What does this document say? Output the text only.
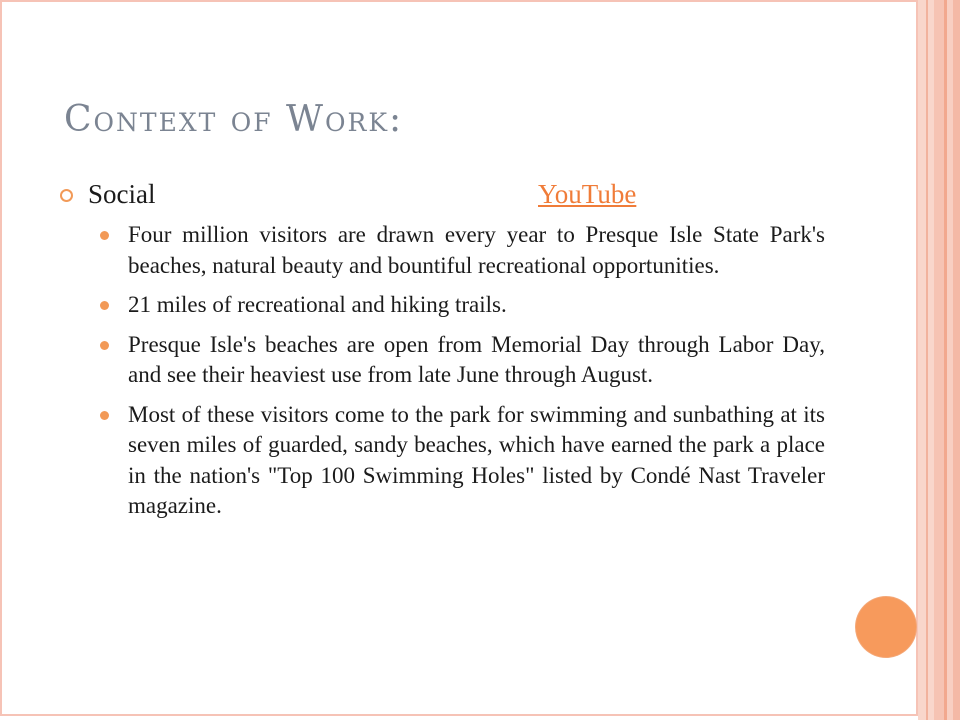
Context of Work:
Social	YouTube
Four million visitors are drawn every year to Presque Isle State Park's beaches, natural beauty and bountiful recreational opportunities.
21 miles of recreational and hiking trails.
Presque Isle's beaches are open from Memorial Day through Labor Day, and see their heaviest use from late June through August.
Most of these visitors come to the park for swimming and sunbathing at its seven miles of guarded, sandy beaches, which have earned the park a place in the nation's "Top 100 Swimming Holes" listed by Condé Nast Traveler magazine.
